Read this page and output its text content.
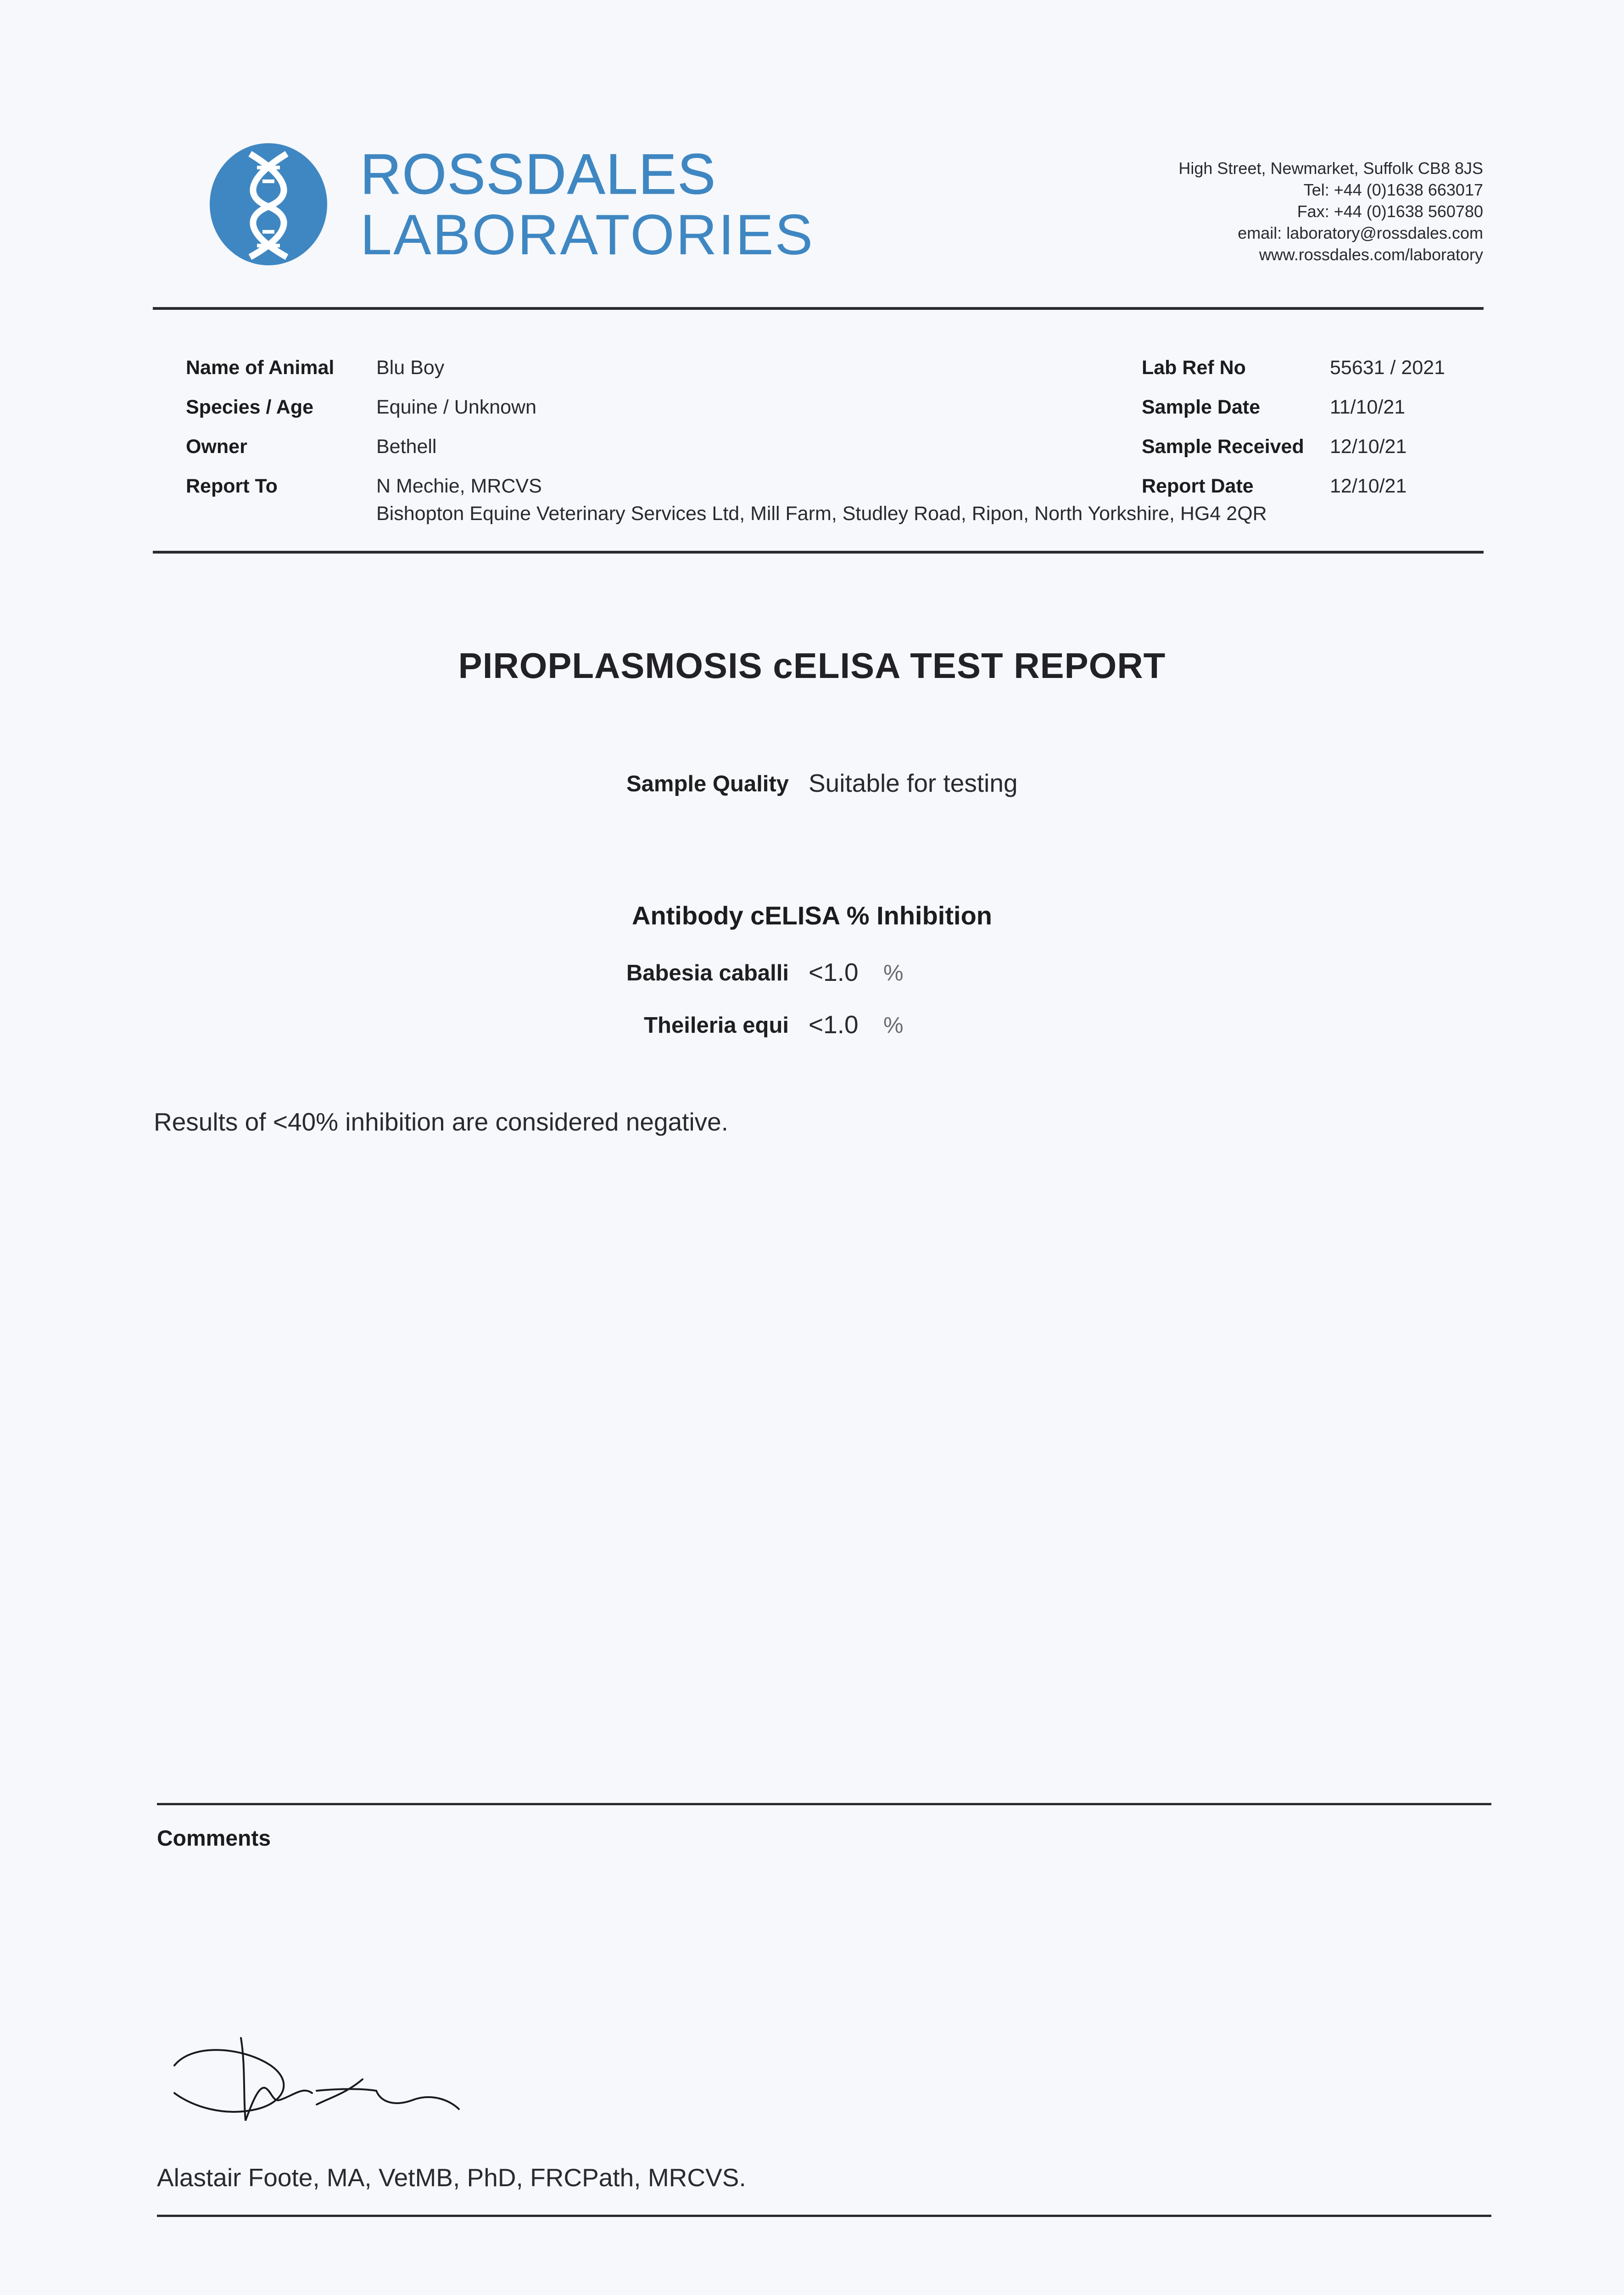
ROSSDALES
LABORATORIES
High Street, Newmarket, Suffolk CB8 8JS
Tel: +44 (0)1638 663017
Fax: +44 (0)1638 560780
email: laboratory@rossdales.com
www.rossdales.com/laboratory
Name of Animal
Species / Age
Owner
Report To
Blu Boy
Equine / Unknown
Bethell
N Mechie, MRCVS
Bishopton Equine Veterinary Services Ltd, Mill Farm, Studley Road, Ripon, North Yorkshire, HG4 2QR
Lab Ref No
Sample Date
Sample Received
Report Date
55631 / 2021
11/10/21
12/10/21
12/10/21
PIROPLASMOSIS cELISA TEST REPORT
Sample Quality Suitable for testing
Antibody cELISA % Inhibition
Babesia caballi <1.0 %
Theileria equi <1.0 %
Results of <40% inhibition are considered negative.
Comments
Alastair Foote, MA, VetMB, PhD, FRCPath, MRCVS.
